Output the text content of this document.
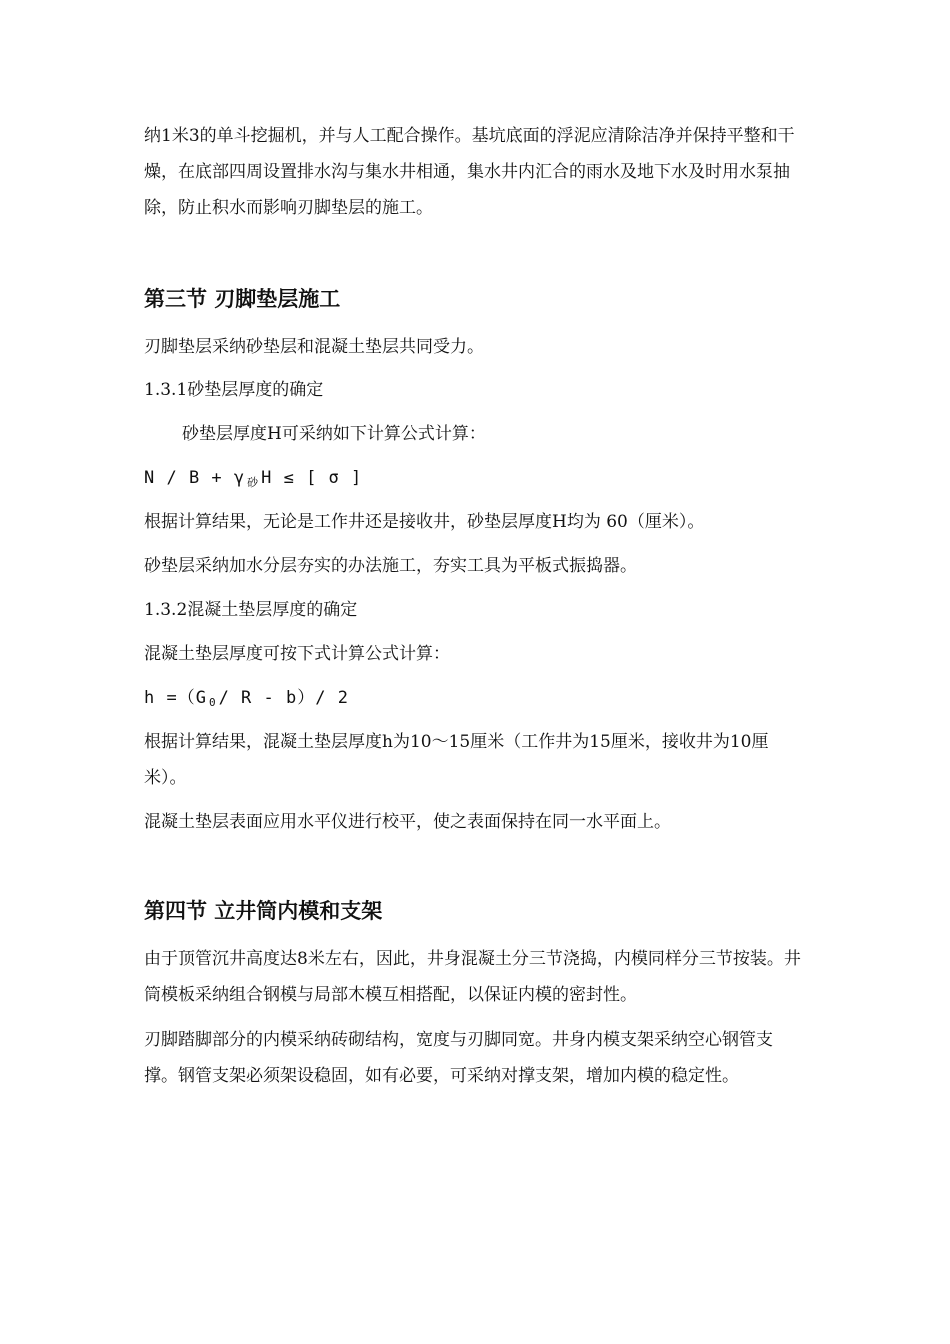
纳1米3的单斗挖掘机，并与人工配合操作。基坑底面的浮泥应清除洁净并保持平整和干燥，在底部四周设置排水沟与集水井相通，集水井内汇合的雨水及地下水及时用水泵抽除，防止积水而影响刃脚垫层的施工。
第三节 刃脚垫层施工
刃脚垫层采纳砂垫层和混凝土垫层共同受力。
1.3.1砂垫层厚度的确定
砂垫层厚度H可采纳如下计算公式计算：
N / B + γ 砂 H ≤ [ σ ]
根据计算结果，无论是工作井还是接收井，砂垫层厚度H均为 60（厘米）。
砂垫层采纳加水分层夯实的办法施工，夯实工具为平板式振捣器。
1.3.2混凝土垫层厚度的确定
混凝土垫层厚度可按下式计算公式计算：
h =（G 0 / R - b）/ 2
根据计算结果，混凝土垫层厚度h为10～15厘米（工作井为15厘米，接收井为10厘米）。
混凝土垫层表面应用水平仪进行校平，使之表面保持在同一水平面上。
第四节 立井筒内模和支架
由于顶管沉井高度达8米左右，因此，井身混凝土分三节浇捣，内模同样分三节按装。井筒模板采纳组合钢模与局部木模互相搭配，以保证内模的密封性。
刃脚踏脚部分的内模采纳砖砌结构，宽度与刃脚同宽。井身内模支架采纳空心钢管支撑。钢管支架必须架设稳固，如有必要，可采纳对撑支架，增加内模的稳定性。
